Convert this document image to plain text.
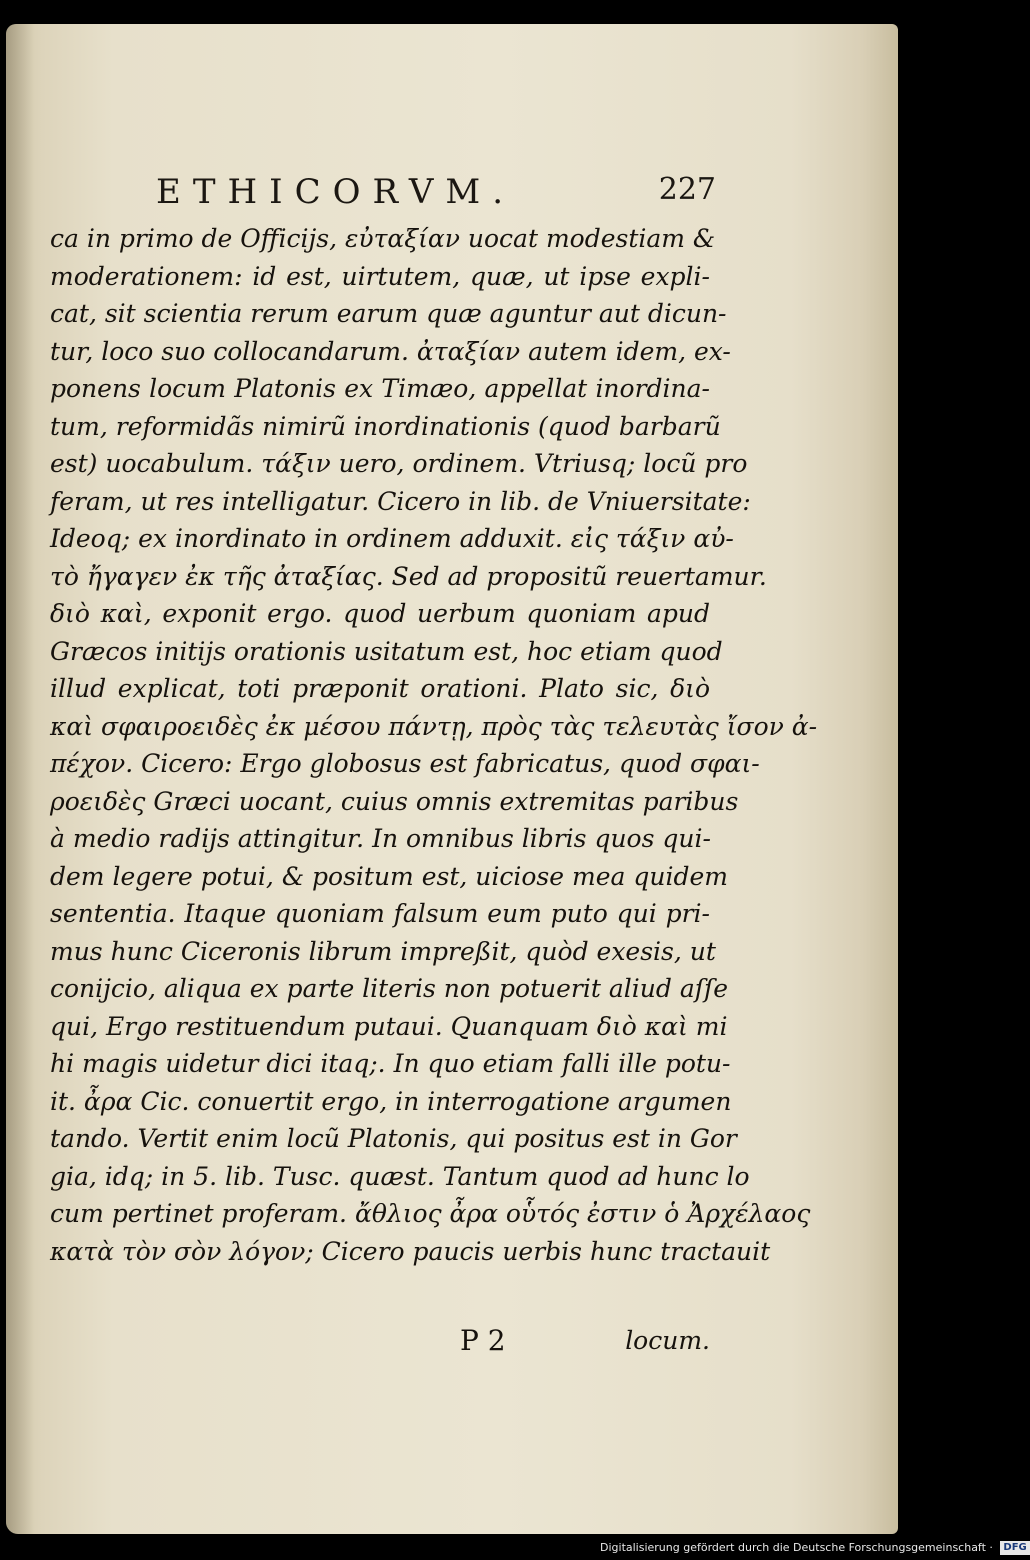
ETHICORVM.	227
ca in primo de Officijs, εὐταξίαν uocat modestiam &
moderationem: id est, uirtutem, quæ, ut ipse expli-
cat, sit scientia rerum earum quæ aguntur aut dicun-
tur, loco suo collocandarum. ἀταξίαν autem idem, ex-
ponens locum Platonis ex Timæo, appellat inordina-
tum, reformidãs nimirũ inordinationis (quod barbarũ
est) uocabulum. τάξιν uero, ordinem. Vtriusq; locũ pro
feram, ut res intelligatur. Cicero in lib. de Vniuersitate:
Ideoq; ex inordinato in ordinem adduxit. εἰς τάξιν αὐ-
τὸ ἤγαγεν ἐκ τῆς ἀταξίας. Sed ad propositũ reuertamur.
διὸ καὶ, exponit ergo. quod uerbum quoniam apud
Græcos initijs orationis usitatum est, hoc etiam quod
illud explicat, toti præponit orationi. Plato sic, διὸ
καὶ σφαιροειδὲς ἐκ μέσου πάντῃ, πρὸς τὰς τελευτὰς ἴσον ἀ-
πέχον. Cicero: Ergo globosus est fabricatus, quod σφαι-
ροειδὲς Græci uocant, cuius omnis extremitas paribus
à medio radijs attingitur. In omnibus libris quos qui-
dem legere potui, & positum est, uiciose mea quidem
sententia. Itaque quoniam falsum eum puto qui pri-
mus hunc Ciceronis librum impreßit, quòd exesis, ut
conijcio, aliqua ex parte literis non potuerit aliud aſſe
qui, Ergo restituendum putaui. Quanquam διὸ καὶ mi
hi magis uidetur dici itaq;. In quo etiam falli ille potu-
it. ἆρα Cic. conuertit ergo, in interrogatione argumen
tando. Vertit enim locũ Platonis, qui positus est in Gor
gia, idq; in 5. lib. Tusc. quæst. Tantum quod ad hunc lo
cum pertinet proferam. ἄθλιος ἆρα οὗτός ἐστιν ὁ Ἀρχέλαος
κατὰ τὸν σὸν λόγον; Cicero paucis uerbis hunc tractauit
P 2	locum.
Digitalisierung gefördert durch die Deutsche Forschungsgemeinschaft · DFG
